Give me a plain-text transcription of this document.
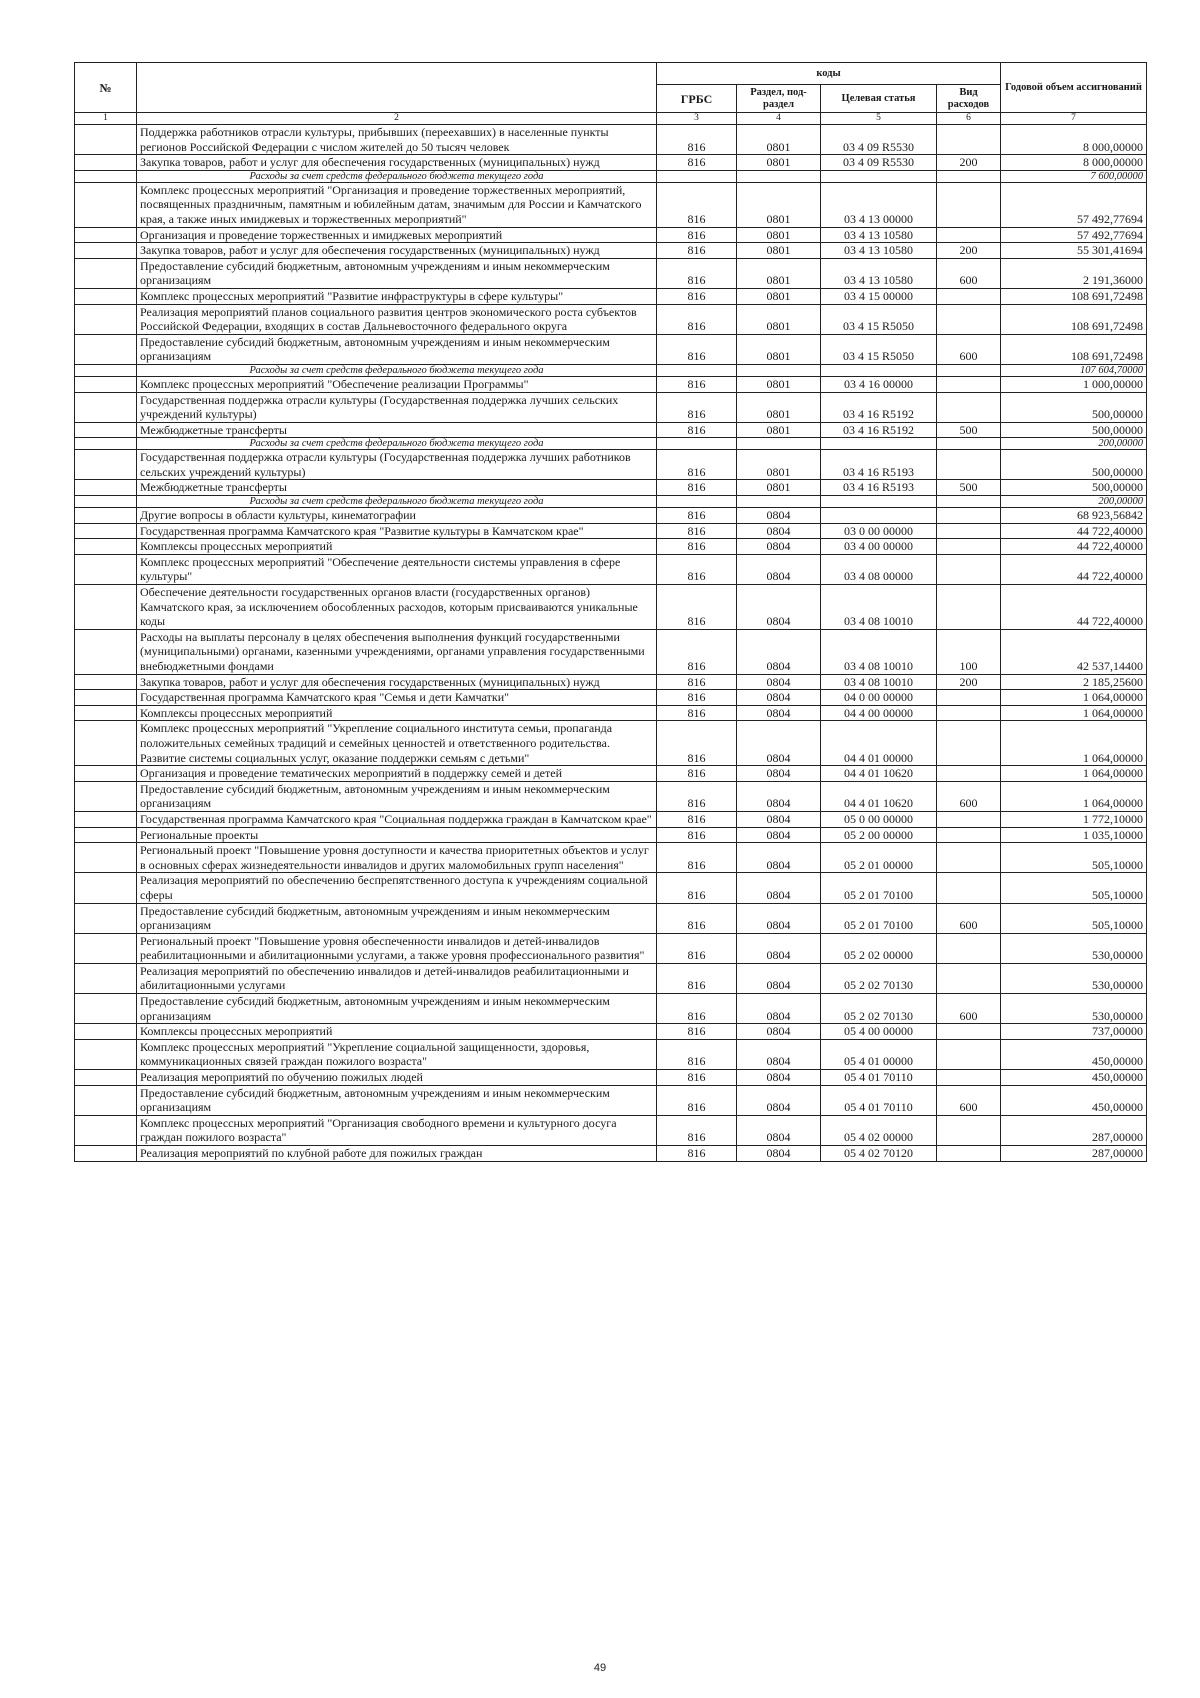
№		коды				Годовой объем ассигнований
		ГРБС	Раздел, под-раздел	Целевая статья	Вид расходов	
1	2	3	4	5	6	7
	Поддержка работников отрасли культуры, прибывших (переехавших) в населенные пункты регионов Российской Федерации с числом жителей до 50 тысяч человек	816	0801	03 4 09 R5530		8 000,00000
	Закупка товаров, работ и услуг для обеспечения государственных (муниципальных) нужд	816	0801	03 4 09 R5530	200	8 000,00000
	Расходы за счет средств федерального бюджета текущего года					7 600,00000
	Комплекс процессных мероприятий "Организация и проведение торжественных мероприятий, посвященных праздничным, памятным и юбилейным датам, значимым для России и Камчатского края, а также иных имиджевых и торжественных мероприятий"	816	0801	03 4 13 00000		57 492,77694
	Организация и проведение торжественных и имиджевых мероприятий	816	0801	03 4 13 10580		57 492,77694
	Закупка товаров, работ и услуг для обеспечения государственных (муниципальных) нужд	816	0801	03 4 13 10580	200	55 301,41694
	Предоставление субсидий бюджетным, автономным учреждениям и иным некоммерческим организациям	816	0801	03 4 13 10580	600	2 191,36000
	Комплекс процессных мероприятий "Развитие инфраструктуры в сфере культуры"	816	0801	03 4 15 00000		108 691,72498
	Реализация мероприятий планов социального развития центров экономического роста субъектов Российской Федерации, входящих в состав Дальневосточного федерального округа	816	0801	03 4 15 R5050		108 691,72498
	Предоставление субсидий бюджетным, автономным учреждениям и иным некоммерческим организациям	816	0801	03 4 15 R5050	600	108 691,72498
	Расходы за счет средств федерального бюджета текущего года					107 604,70000
	Комплекс процессных мероприятий "Обеспечение реализации Программы"	816	0801	03 4 16 00000		1 000,00000
	Государственная поддержка отрасли культуры (Государственная поддержка лучших сельских учреждений культуры)	816	0801	03 4 16 R5192		500,00000
	Межбюджетные трансферты	816	0801	03 4 16 R5192	500	500,00000
	Расходы за счет средств федерального бюджета текущего года					200,00000
	Государственная поддержка отрасли культуры (Государственная поддержка лучших работников сельских учреждений культуры)	816	0801	03 4 16 R5193		500,00000
	Межбюджетные трансферты	816	0801	03 4 16 R5193	500	500,00000
	Расходы за счет средств федерального бюджета текущего года					200,00000
	Другие вопросы в области культуры, кинематографии	816	0804			68 923,56842
	Государственная программа Камчатского края "Развитие культуры в Камчатском крае"	816	0804	03 0 00 00000		44 722,40000
	Комплексы процессных мероприятий	816	0804	03 4 00 00000		44 722,40000
	Комплекс процессных мероприятий "Обеспечение деятельности системы управления в сфере культуры"	816	0804	03 4 08 00000		44 722,40000
	Обеспечение деятельности государственных органов власти (государственных органов) Камчатского края, за исключением обособленных расходов, которым присваиваются уникальные коды	816	0804	03 4 08 10010		44 722,40000
	Расходы на выплаты персоналу в целях обеспечения выполнения функций государственными (муниципальными) органами, казенными учреждениями, органами управления государственными внебюджетными фондами	816	0804	03 4 08 10010	100	42 537,14400
	Закупка товаров, работ и услуг для обеспечения государственных (муниципальных) нужд	816	0804	03 4 08 10010	200	2 185,25600
	Государственная программа Камчатского края "Семья и дети Камчатки"	816	0804	04 0 00 00000		1 064,00000
	Комплексы процессных мероприятий	816	0804	04 4 00 00000		1 064,00000
	Комплекс процессных мероприятий "Укрепление социального института семьи, пропаганда положительных семейных традиций и семейных ценностей и ответственного родительства. Развитие системы социальных услуг, оказание поддержки семьям с детьми"	816	0804	04 4 01 00000		1 064,00000
	Организация и проведение тематических мероприятий в поддержку семей и детей	816	0804	04 4 01 10620		1 064,00000
	Предоставление субсидий бюджетным, автономным учреждениям и иным некоммерческим организациям	816	0804	04 4 01 10620	600	1 064,00000
	Государственная программа Камчатского края "Социальная поддержка граждан в Камчатском крае"	816	0804	05 0 00 00000		1 772,10000
	Региональные проекты	816	0804	05 2 00 00000		1 035,10000
	Региональный проект "Повышение уровня доступности и качества приоритетных объектов и услуг в основных сферах жизнедеятельности инвалидов и других маломобильных групп населения"	816	0804	05 2 01 00000		505,10000
	Реализация мероприятий по обеспечению беспрепятственного доступа к учреждениям социальной сферы	816	0804	05 2 01 70100		505,10000
	Предоставление субсидий бюджетным, автономным учреждениям и иным некоммерческим организациям	816	0804	05 2 01 70100	600	505,10000
	Региональный проект "Повышение уровня обеспеченности инвалидов и детей-инвалидов реабилитационными и абилитационными услугами, а также уровня профессионального развития"	816	0804	05 2 02 00000		530,00000
	Реализация мероприятий по обеспечению инвалидов и детей-инвалидов реабилитационными и абилитационными услугами	816	0804	05 2 02 70130		530,00000
	Предоставление субсидий бюджетным, автономным учреждениям и иным некоммерческим организациям	816	0804	05 2 02 70130	600	530,00000
	Комплексы процессных мероприятий	816	0804	05 4 00 00000		737,00000
	Комплекс процессных мероприятий "Укрепление социальной защищенности, здоровья, коммуникационных связей граждан пожилого возраста"	816	0804	05 4 01 00000		450,00000
	Реализация мероприятий по обучению пожилых людей	816	0804	05 4 01 70110		450,00000
	Предоставление субсидий бюджетным, автономным учреждениям и иным некоммерческим организациям	816	0804	05 4 01 70110	600	450,00000
	Комплекс процессных мероприятий "Организация свободного времени и культурного досуга граждан пожилого возраста"	816	0804	05 4 02 00000		287,00000
	Реализация мероприятий по клубной работе для пожилых граждан	816	0804	05 4 02 70120		287,00000
49
